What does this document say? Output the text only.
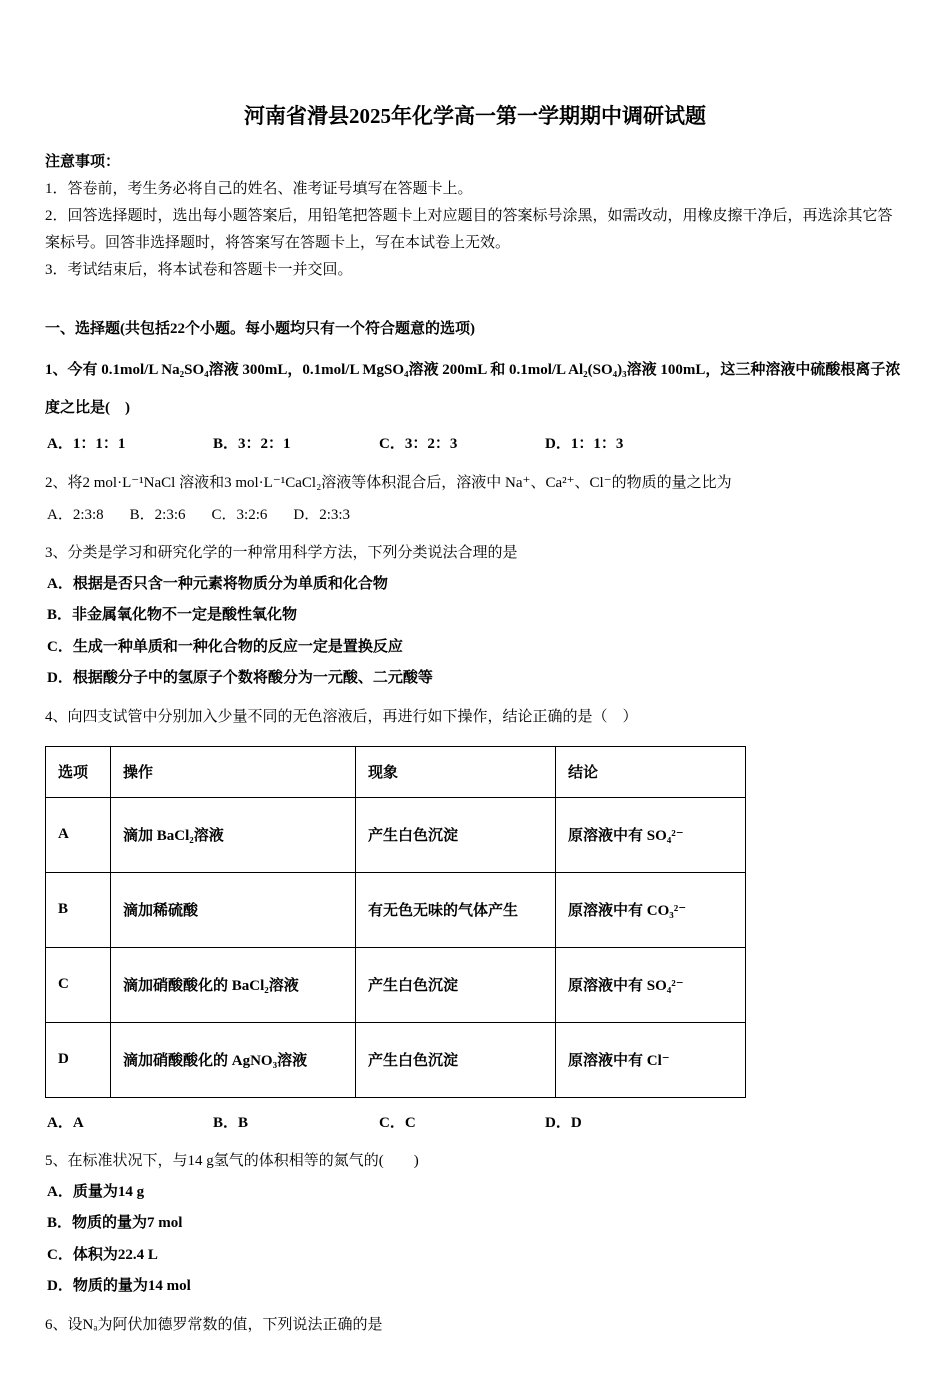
河南省滑县2025年化学高一第一学期期中调研试题

注意事项：

1．答卷前，考生务必将自己的姓名、准考证号填写在答题卡上。

2．回答选择题时，选出每小题答案后，用铅笔把答题卡上对应题目的答案标号涂黑，如需改动，用橡皮擦干净后，再选涂其它答案标号。回答非选择题时，将答案写在答题卡上，写在本试卷上无效。

3．考试结束后，将本试卷和答题卡一并交回。

一、选择题(共包括22个小题。每小题均只有一个符合题意的选项)

1、今有 0.1mol/L Na₂SO₄溶液 300mL，0.1mol/L MgSO₄溶液 200mL 和 0.1mol/L Al₂(SO₄)₃溶液 100mL，这三种溶液中硫酸根离子浓度之比是(　)

A．1：1：1	B．3：2：1	C．3：2：3	D．1：1：3

2、将2 mol·L⁻¹NaCl 溶液和3 mol·L⁻¹CaCl₂溶液等体积混合后，溶液中 Na⁺、Ca²⁺、Cl⁻的物质的量之比为

A．2:3:8 B．2:3:6 C．3:2:6 D．2:3:3

3、分类是学习和研究化学的一种常用科学方法，下列分类说法合理的是

A．根据是否只含一种元素将物质分为单质和化合物

B．非金属氧化物不一定是酸性氧化物

C．生成一种单质和一种化合物的反应一定是置换反应

D．根据酸分子中的氢原子个数将酸分为一元酸、二元酸等

4、向四支试管中分别加入少量不同的无色溶液后，再进行如下操作，结论正确的是（　）

选项	操作	现象	结论
A	滴加 BaCl₂溶液	产生白色沉淀	原溶液中有 SO₄²⁻
B	滴加稀硫酸	有无色无味的气体产生	原溶液中有 CO₃²⁻
C	滴加硝酸酸化的 BaCl₂溶液	产生白色沉淀	原溶液中有 SO₄²⁻
D	滴加硝酸酸化的 AgNO₃溶液	产生白色沉淀	原溶液中有 Cl⁻
A．A	B．B	C．C	D．D

5、在标准状况下，与14 g氢气的体积相等的氮气的(　　)

A．质量为14 g

B．物质的量为7 mol

C．体积为22.4 L

D．物质的量为14 mol

6、设Nₐ为阿伏加德罗常数的值，下列说法正确的是
